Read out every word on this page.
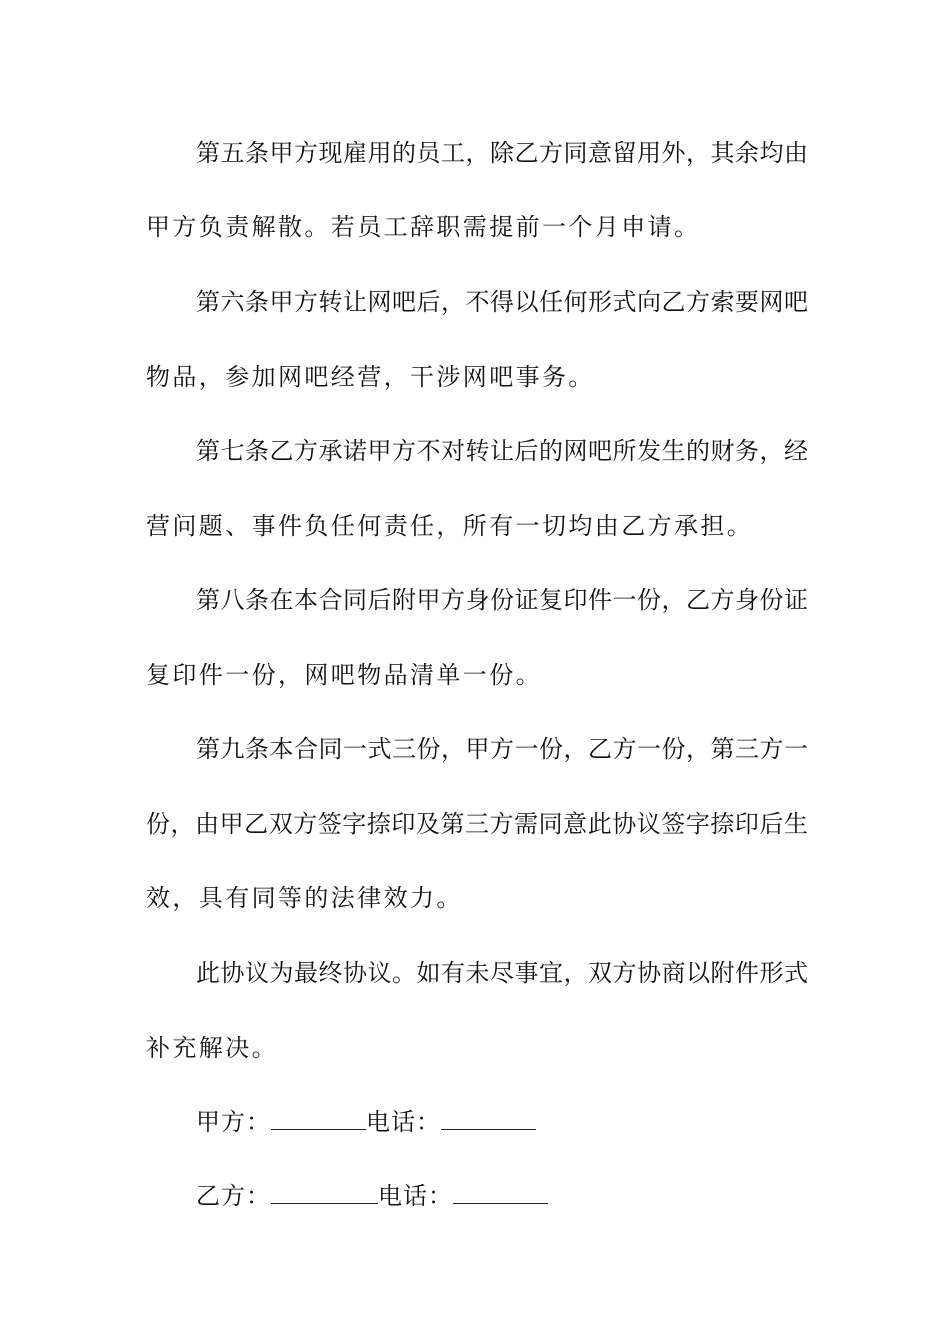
第五条甲方现雇用的员工，除乙方同意留用外，其余均由
甲方负责解散。若员工辞职需提前一个月申请。
第六条甲方转让网吧后，不得以任何形式向乙方索要网吧
物品，参加网吧经营，干涉网吧事务。
第七条乙方承诺甲方不对转让后的网吧所发生的财务，经
营问题、事件负任何责任，所有一切均由乙方承担。
第八条在本合同后附甲方身份证复印件一份，乙方身份证
复印件一份，网吧物品清单一份。
第九条本合同一式三份，甲方一份，乙方一份，第三方一
份，由甲乙双方签字捺印及第三方需同意此协议签字捺印后生
效，具有同等的法律效力。
此协议为最终协议。如有未尽事宜，双方协商以附件形式
补充解决。
甲方：	电话：
乙方：	电话：
